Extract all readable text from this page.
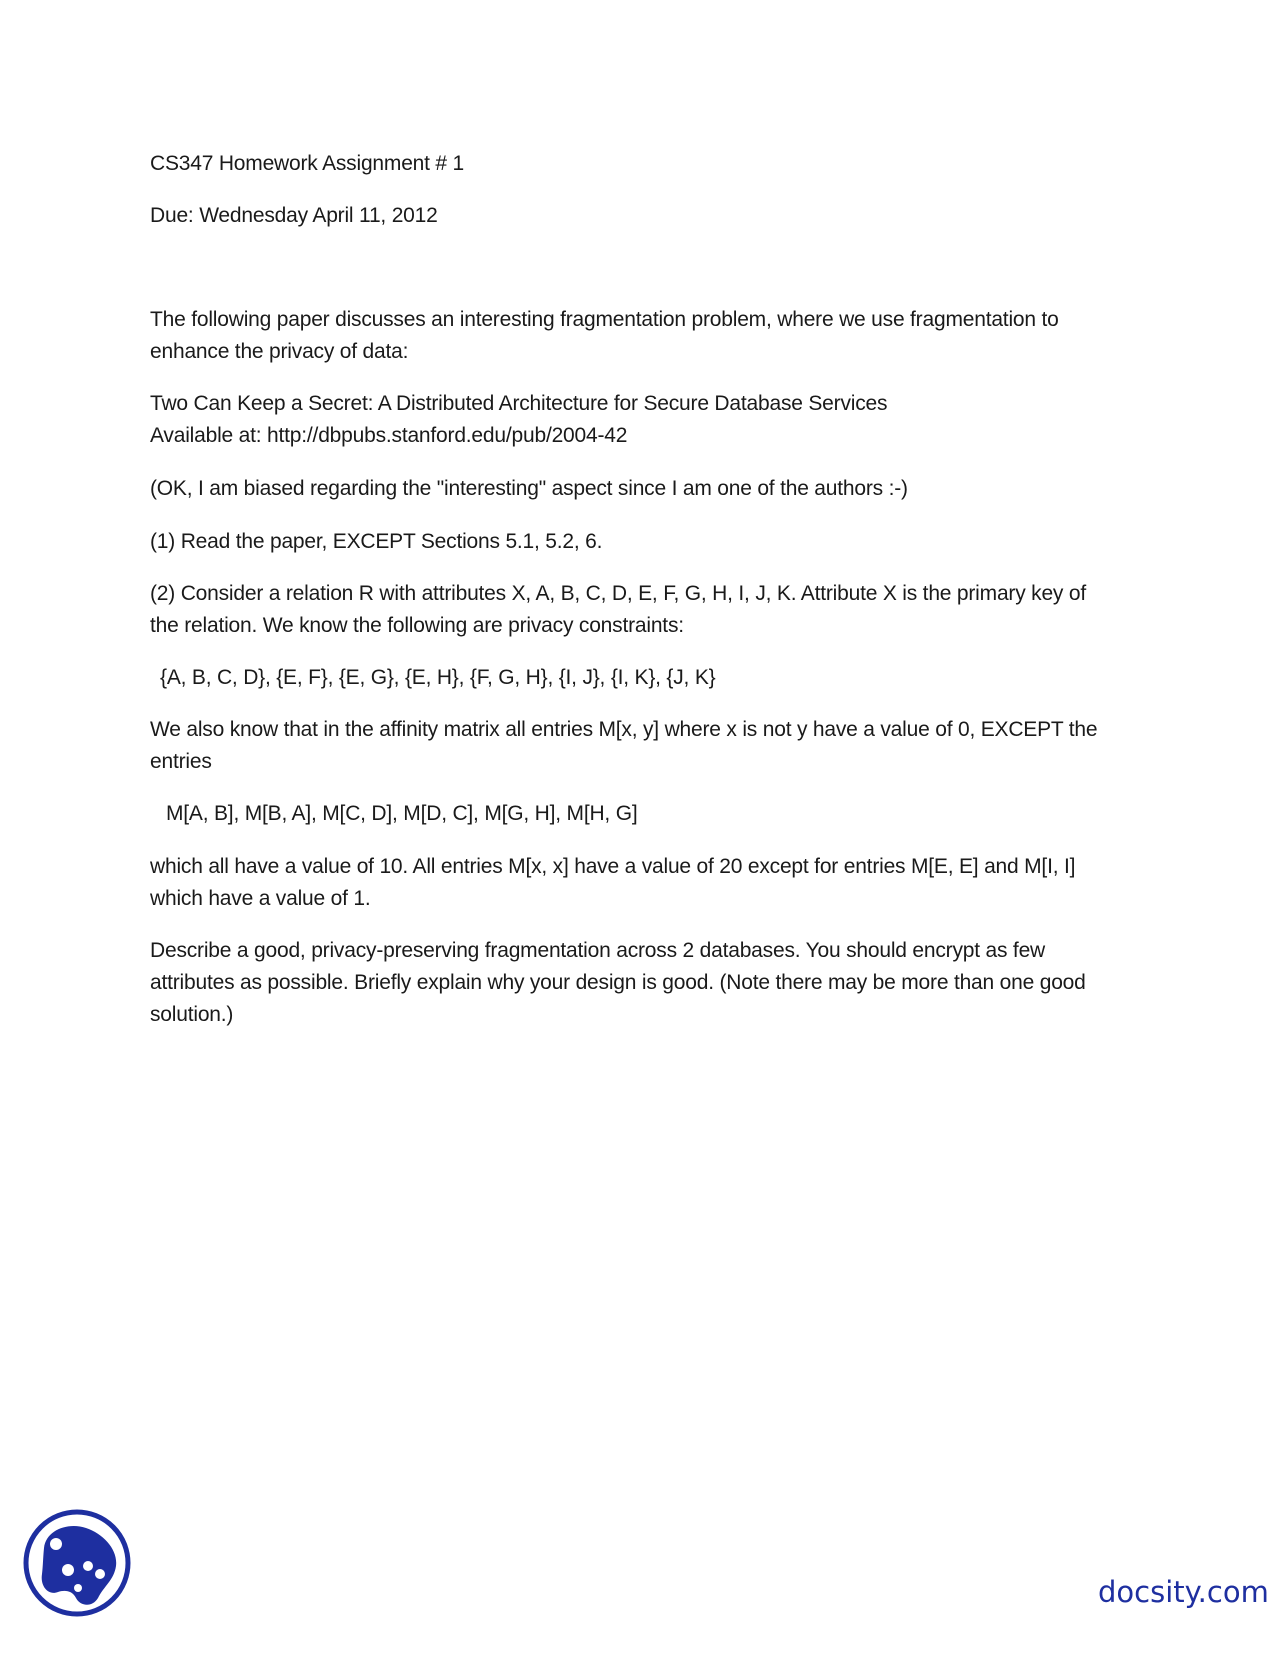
CS347 Homework Assignment # 1

Due: Wednesday April 11, 2012

The following paper discusses an interesting fragmentation problem, where we use fragmentation to

enhance the privacy of data:

Two Can Keep a Secret: A Distributed Architecture for Secure Database Services

Available at: http://dbpubs.stanford.edu/pub/2004-42

(OK, I am biased regarding the "interesting" aspect since I am one of the authors :-)

(1) Read the paper, EXCEPT Sections 5.1, 5.2, 6.

(2) Consider a relation R with attributes X, A, B, C, D, E, F, G, H, I, J, K. Attribute X is the primary key of

the relation. We know the following are privacy constraints:

{A, B, C, D}, {E, F}, {E, G}, {E, H}, {F, G, H}, {I, J}, {I, K}, {J, K}

We also know that in the affinity matrix all entries M[x, y] where x is not y have a value of 0, EXCEPT the

entries

M[A, B], M[B, A], M[C, D], M[D, C], M[G, H], M[H, G]

which all have a value of 10. All entries M[x, x] have a value of 20 except for entries M[E, E] and M[I, I]

which have a value of 1.

Describe a good, privacy-preserving fragmentation across 2 databases. You should encrypt as few

attributes as possible. Briefly explain why your design is good. (Note there may be more than one good

solution.)

docsity.com
